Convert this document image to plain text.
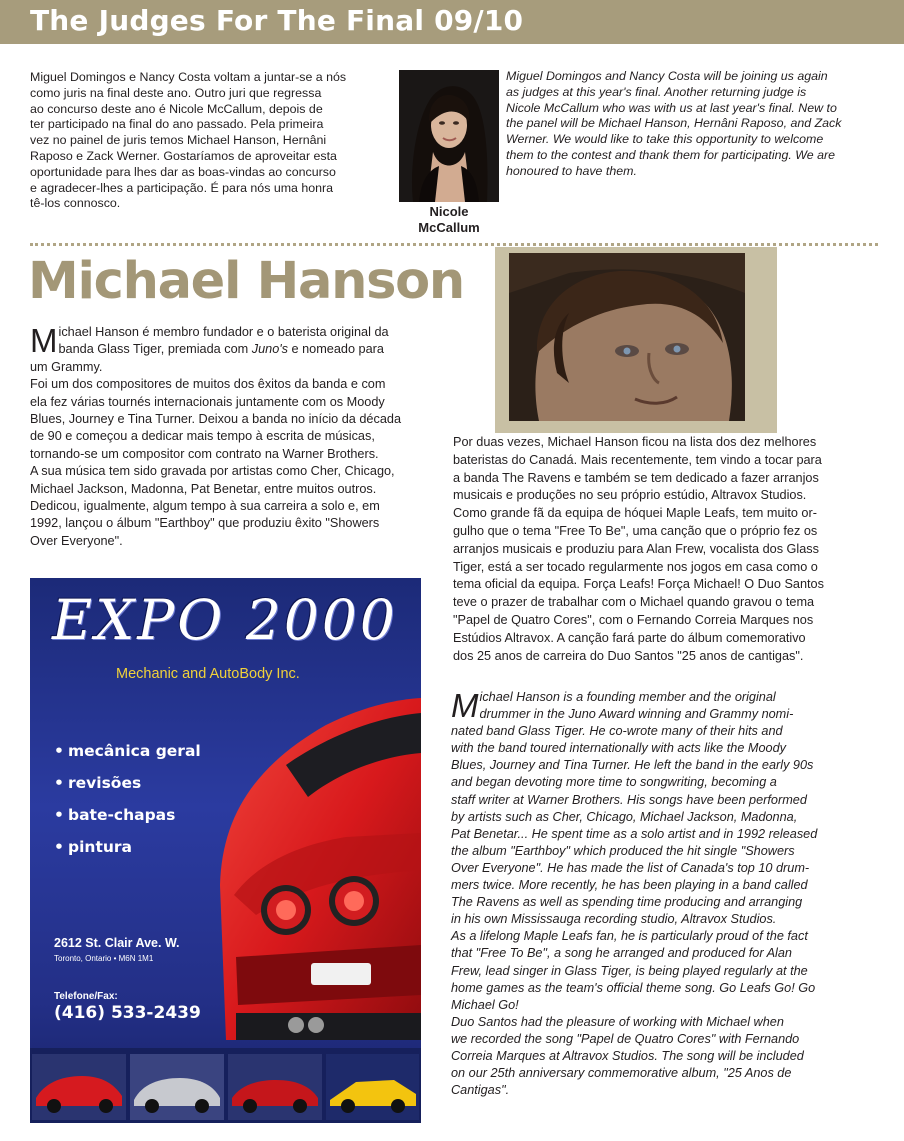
The Judges For The Final 09/10
Miguel Domingos e Nancy Costa voltam a juntar-se a nós
como juris na final deste ano. Outro juri que regressa
ao concurso deste ano é Nicole McCallum, depois de
ter participado na final do ano passado. Pela primeira
vez no painel de juris temos Michael Hanson, Hernâni
Raposo e Zack Werner. Gostaríamos de aproveitar esta
oportunidade para lhes dar as boas-vindas ao concurso
e agradecer-lhes a participação. É para nós uma honra
tê-los connosco.
Nicole
McCallum
Miguel Domingos and Nancy Costa will be joining us again
as judges at this year's final. Another returning judge is
Nicole McCallum who was with us at last year's final. New to
the panel will be Michael Hanson, Hernâni Raposo, and Zack
Werner. We would like to take this opportunity to welcome
them to the contest and thank them for participating. We are
honoured to have them.
Michael Hanson

Michael Hanson é membro fundador e o baterista original da
banda Glass Tiger, premiada com Juno's e nomeado para

um Grammy.

Foi um dos compositores de muitos dos êxitos da banda e com

ela fez várias tournés internacionais juntamente com os Moody

Blues, Journey e Tina Turner. Deixou a banda no início da década

de 90 e começou a dedicar mais tempo à escrita de músicas,

tornando-se um compositor com contrato na Warner Brothers.

A sua música tem sido gravada por artistas como Cher, Chicago,

Michael Jackson, Madonna, Pat Benetar, entre muitos outros.

Dedicou, igualmente, algum tempo à sua carreira a solo e, em

1992, lançou o álbum "Earthboy" que produziu êxito "Showers

Over Everyone".

Por duas vezes, Michael Hanson ficou na lista dos dez melhores
bateristas do Canadá. Mais recentemente, tem vindo a tocar para
a banda The Ravens e também se tem dedicado a fazer arranjos
musicais e produções no seu próprio estúdio, Altravox Studios.
Como grande fã da equipa de hóquei Maple Leafs, tem muito or-
gulho que o tema "Free To Be", uma canção que o próprio fez os
arranjos musicais e produziu para Alan Frew, vocalista dos Glass
Tiger, está a ser tocado regularmente nos jogos em casa como o
tema oficial da equipa. Força Leafs! Força Michael! O Duo Santos
teve o prazer de trabalhar com o Michael quando gravou o tema
"Papel de Quatro Cores", com o Fernando Correia Marques nos
Estúdios Altravox. A canção fará parte do álbum comemorativo
dos 25 anos de carreira do Duo Santos "25 anos de cantigas".

Michael Hanson is a founding member and the original
drummer in the Juno Award winning and Grammy nomi-

nated band Glass Tiger. He co-wrote many of their hits and

with the band toured internationally with acts like the Moody

Blues, Journey and Tina Turner. He left the band in the early 90s

and began devoting more time to songwriting, becoming a

staff writer at Warner Brothers. His songs have been performed

by artists such as Cher, Chicago, Michael Jackson, Madonna,

Pat Benetar... He spent time as a solo artist and in 1992 released

the album "Earthboy" which produced the hit single "Showers

Over Everyone". He has made the list of Canada's top 10 drum-

mers twice. More recently, he has been playing in a band called

The Ravens as well as spending time producing and arranging

in his own Mississauga recording studio, Altravox Studios.

As a lifelong Maple Leafs fan, he is particularly proud of the fact

that "Free To Be", a song he arranged and produced for Alan

Frew, lead singer in Glass Tiger, is being played regularly at the

home games as the team's official theme song. Go Leafs Go! Go

Michael Go!

Duo Santos had the pleasure of working with Michael when

we recorded the song "Papel de Quatro Cores" with Fernando

Correia Marques at Altravox Studios. The song will be included

on our 25th anniversary commemorative album, "25 Anos de

Cantigas".

EXPO 2000
Mechanic and AutoBody Inc.
• mecânica geral
• revisões
• bate-chapas
• pintura
2612 St. Clair Ave. W.
Toronto, Ontario • M6N 1M1
Telefone/Fax:
(416) 533-2439
